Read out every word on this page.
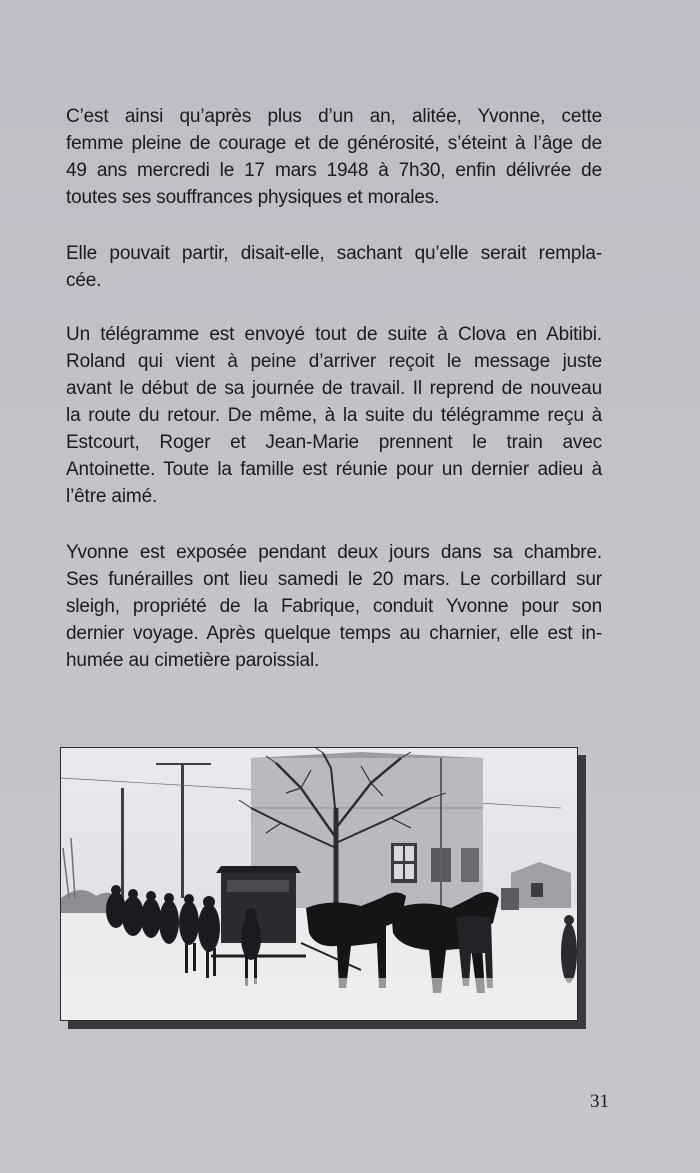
C’est ainsi qu’après plus d’un an, alitée, Yvonne, cette
femme pleine de courage et de générosité, s’éteint à l’âge de
49 ans mercredi le 17 mars 1948 à 7h30, enfin délivrée de
toutes ses souffrances physiques et morales.
Elle pouvait partir, disait-elle, sachant qu’elle serait rempla-
cée.
Un télégramme est envoyé tout de suite à Clova en Abitibi.
Roland qui vient à peine d’arriver reçoit le message juste
avant le début de sa journée de travail. Il reprend de nouveau
la route du retour. De même, à la suite du télégramme reçu à
Estcourt, Roger et Jean-Marie prennent le train avec
Antoinette. Toute la famille est réunie pour un dernier adieu à
l’être aimé.
Yvonne est exposée pendant deux jours dans sa chambre.
Ses funérailles ont lieu samedi le 20 mars. Le corbillard sur
sleigh, propriété de la Fabrique, conduit Yvonne pour son
dernier voyage. Après quelque temps au charnier, elle est in-
humée au cimetière paroissial.
31
